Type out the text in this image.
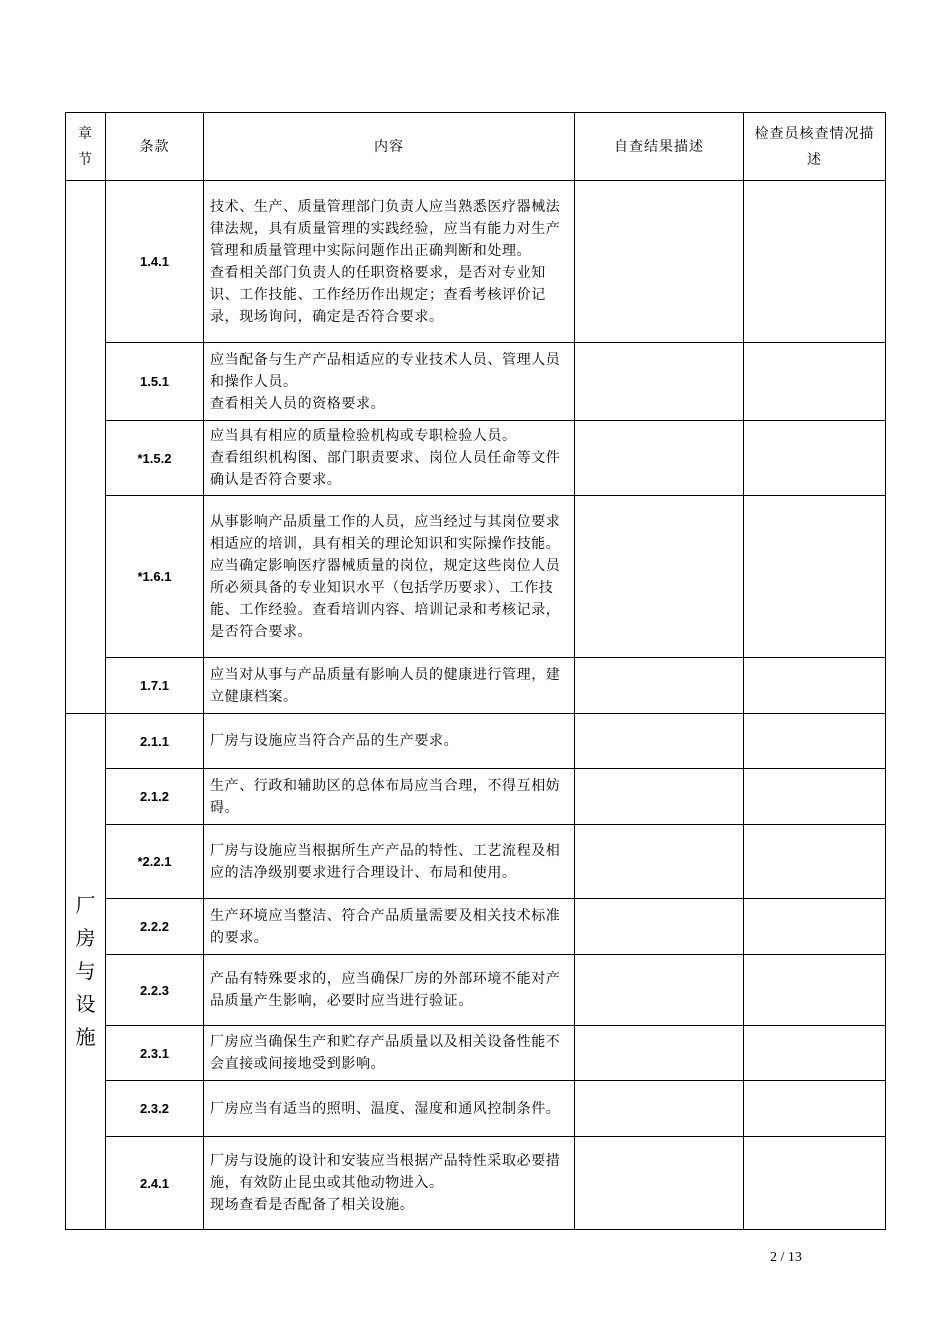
章节	条款	内容	自查结果描述	检查员核查情况描述

	1.4.1	技术、生产、质量管理部门负责人应当熟悉医疗器械法律法规，具有质量管理的实践经验，应当有能力对生产管理和质量管理中实际问题作出正确判断和处理。
查看相关部门负责人的任职资格要求，是否对专业知识、工作技能、工作经历作出规定；查看考核评价记录，现场询问，确定是否符合要求。		
	1.5.1	应当配备与生产产品相适应的专业技术人员、管理人员和操作人员。
查看相关人员的资格要求。		
	*1.5.2	应当具有相应的质量检验机构或专职检验人员。
查看组织机构图、部门职责要求、岗位人员任命等文件确认是否符合要求。		
	*1.6.1	从事影响产品质量工作的人员，应当经过与其岗位要求相适应的培训，具有相关的理论知识和实际操作技能。
应当确定影响医疗器械质量的岗位，规定这些岗位人员所必须具备的专业知识水平（包括学历要求）、工作技能、工作经验。查看培训内容、培训记录和考核记录，是否符合要求。		
	1.7.1	应当对从事与产品质量有影响人员的健康进行管理，建立健康档案。		

厂房与设施	2.1.1	厂房与设施应当符合产品的生产要求。		
	2.1.2	生产、行政和辅助区的总体布局应当合理，不得互相妨碍。		
	*2.2.1	厂房与设施应当根据所生产产品的特性、工艺流程及相应的洁净级别要求进行合理设计、布局和使用。		
	2.2.2	生产环境应当整洁、符合产品质量需要及相关技术标准的要求。		
	2.2.3	产品有特殊要求的，应当确保厂房的外部环境不能对产品质量产生影响，必要时应当进行验证。		
	2.3.1	厂房应当确保生产和贮存产品质量以及相关设备性能不会直接或间接地受到影响。		
	2.3.2	厂房应当有适当的照明、温度、湿度和通风控制条件。		
	2.4.1	厂房与设施的设计和安装应当根据产品特性采取必要措施，有效防止昆虫或其他动物进入。
现场查看是否配备了相关设施。		
2 / 13
